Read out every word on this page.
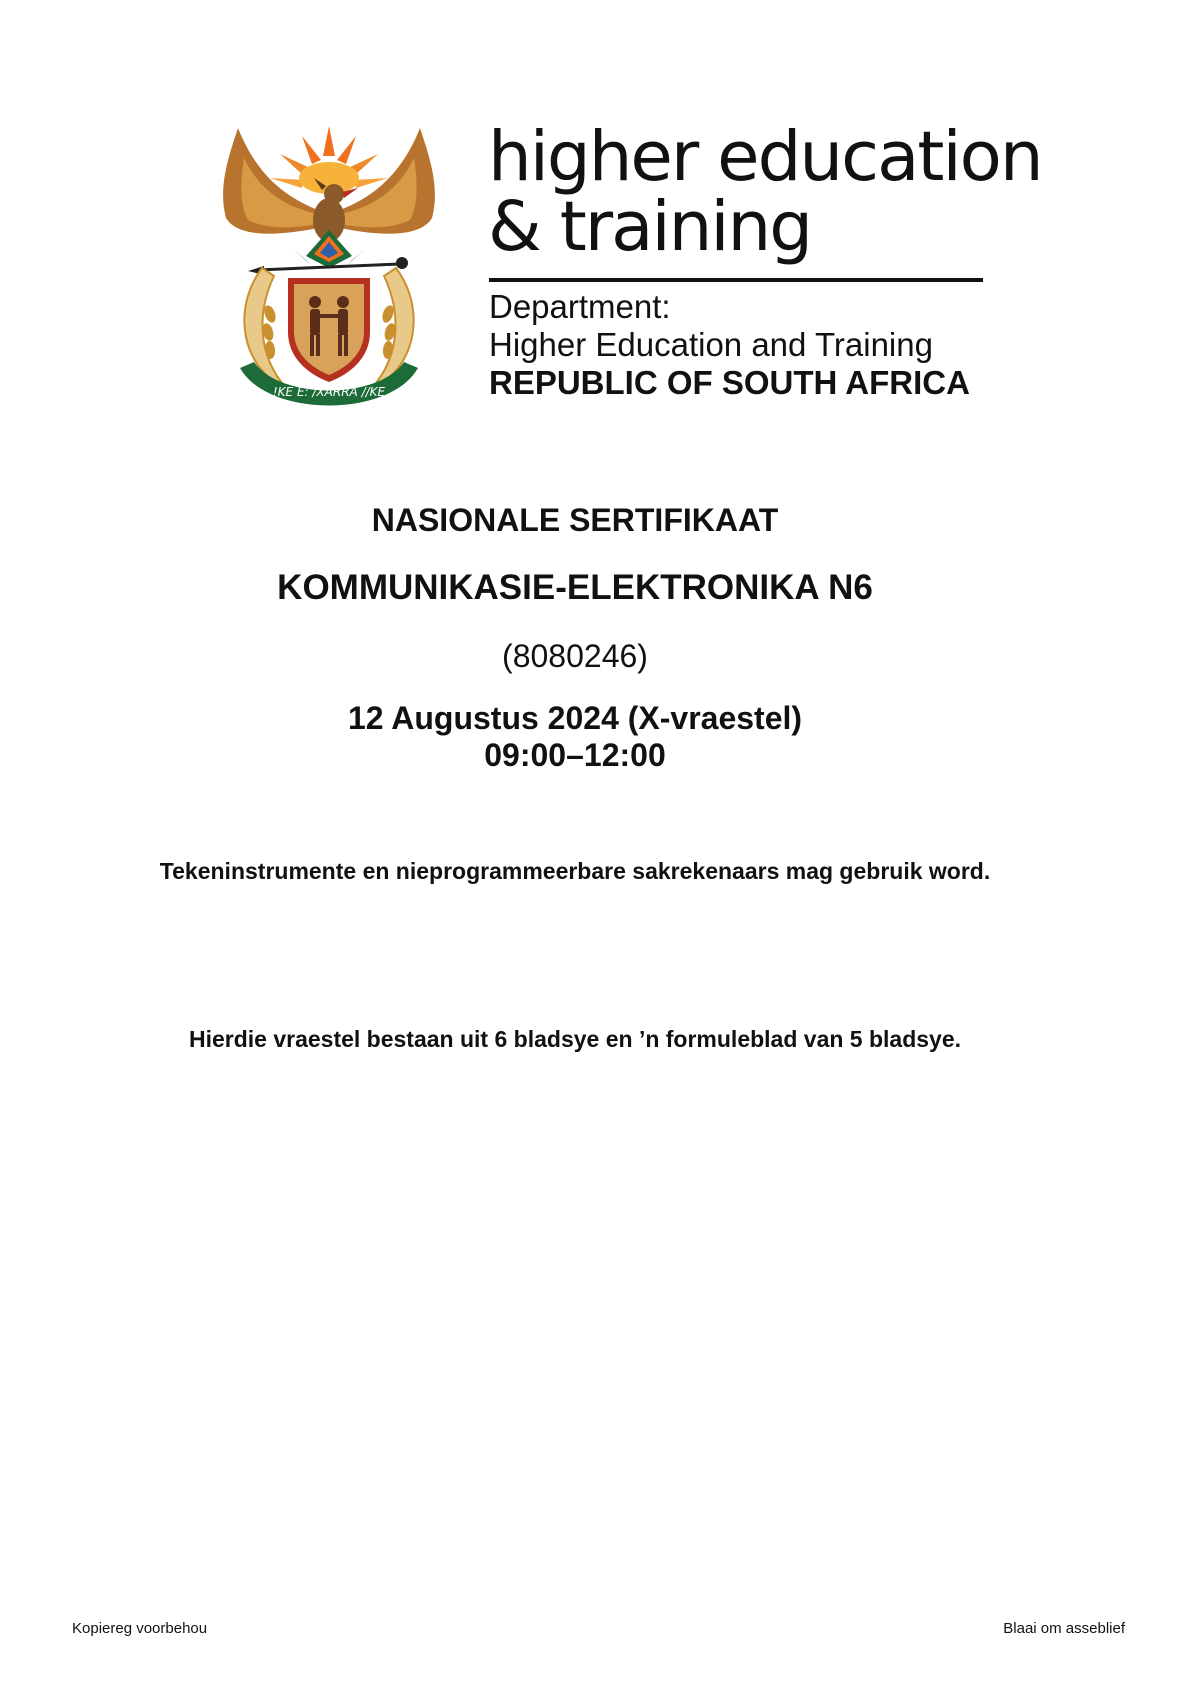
!KE E: /XARRA //KE
higher education
& training
Department:
Higher Education and Training
REPUBLIC OF SOUTH AFRICA
NASIONALE SERTIFIKAAT
KOMMUNIKASIE-ELEKTRONIKA N6
(8080246)
12 Augustus 2024 (X-vraestel)
09:00–12:00
Tekeninstrumente en nieprogrammeerbare sakrekenaars mag gebruik word.
Hierdie vraestel bestaan uit 6 bladsye en ’n formuleblad van 5 bladsye.
Kopiereg voorbehou	Blaai om asseblief
